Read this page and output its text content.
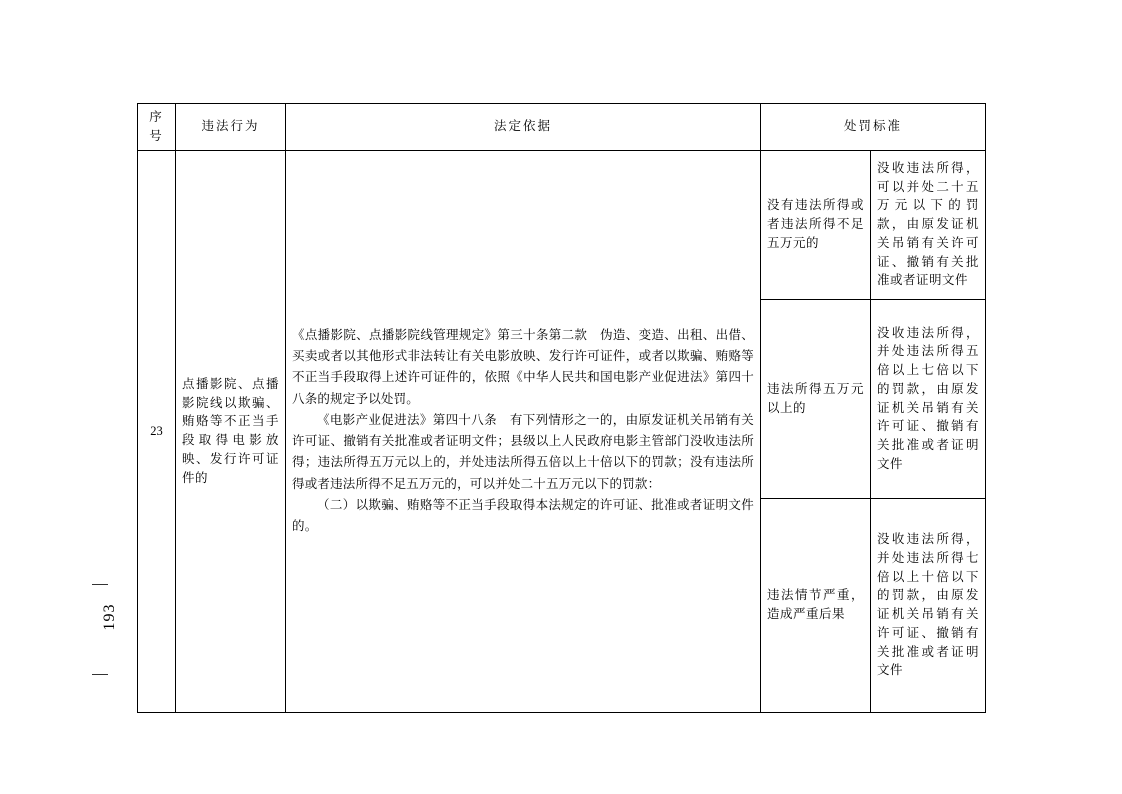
193
序 号	违法行为	法定依据	处罚标准	
23	点播影院、点播影院线以欺骗、贿赂等不正当手段取得电影放映、发行许可证件的	《点播影院、点播影院线管理规定》第三十条第二款　伪造、变造、出租、出借、买卖或者以其他形式非法转让有关电影放映、发行许可证件，或者以欺骗、贿赂等不正当手段取得上述许可证件的，依照《中华人民共和国电影产业促进法》第四十八条的规定予以处罚。

《电影产业促进法》第四十八条　有下列情形之一的，由原发证机关吊销有关许可证、撤销有关批准或者证明文件；县级以上人民政府电影主管部门没收违法所得；违法所得五万元以上的，并处违法所得五倍以上十倍以下的罚款；没有违法所得或者违法所得不足五万元的，可以并处二十五万元以下的罚款：

（二）以欺骗、贿赂等不正当手段取得本法规定的许可证、批准或者证明文件的。	没有违法所得或者违法所得不足五万元的	没收违法所得，可以并处二十五万元以下的罚款，由原发证机关吊销有关许可证、撤销有关批准或者证明文件
			违法所得五万元以上的	没收违法所得，并处违法所得五倍以上七倍以下的罚款，由原发证机关吊销有关许可证、撤销有关批准或者证明文件
			违法情节严重，造成严重后果	没收违法所得，并处违法所得七倍以上十倍以下的罚款，由原发证机关吊销有关许可证、撤销有关批准或者证明文件
